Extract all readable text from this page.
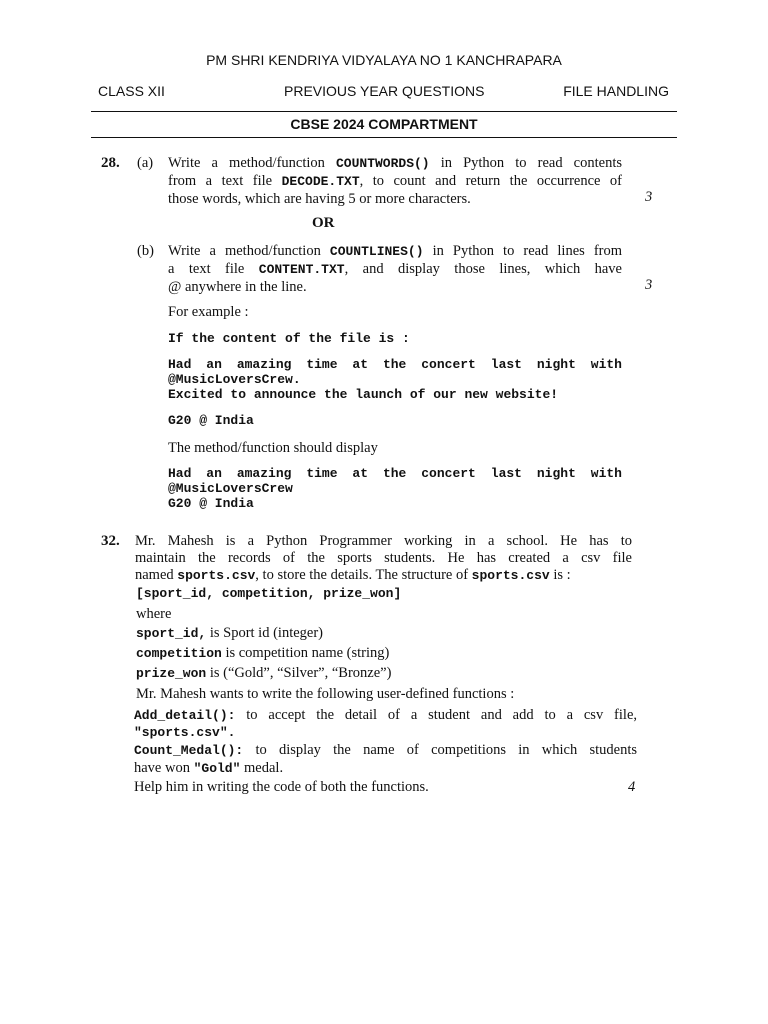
PM SHRI KENDRIYA VIDYALAYA NO 1 KANCHRAPARA
CLASS XII	PREVIOUS YEAR QUESTIONS	FILE HANDLING
CBSE 2024 COMPARTMENT
28. (a) Write a method/function COUNTWORDS() in Python to read contents
from a text file DECODE.TXT, to count and return the occurrence of
those words, which are having 5 or more characters.	3
OR
(b) Write a method/function COUNTLINES() in Python to read lines from
a text file CONTENT.TXT, and display those lines, which have
@ anywhere in the line.	3
For example :
If the content of the file is :
Had an amazing time at the concert last night with
@MusicLoversCrew.
Excited to announce the launch of our new website!
G20 @ India
The method/function should display
Had an amazing time at the concert last night with
@MusicLoversCrew
G20 @ India
32. Mr. Mahesh is a Python Programmer working in a school. He has to
maintain the records of the sports students. He has created a csv file
named sports.csv, to store the details. The structure of sports.csv is :
[sport_id, competition, prize_won]
where
sport_id, is Sport id (integer)
competition is competition name (string)
prize_won is (“Gold”, “Silver”, “Bronze”)
Mr. Mahesh wants to write the following user-defined functions :
Add_detail(): to accept the detail of a student and add to a csv file,
"sports.csv".
Count_Medal(): to display the name of competitions in which students
have won "Gold" medal.
Help him in writing the code of both the functions.	4
